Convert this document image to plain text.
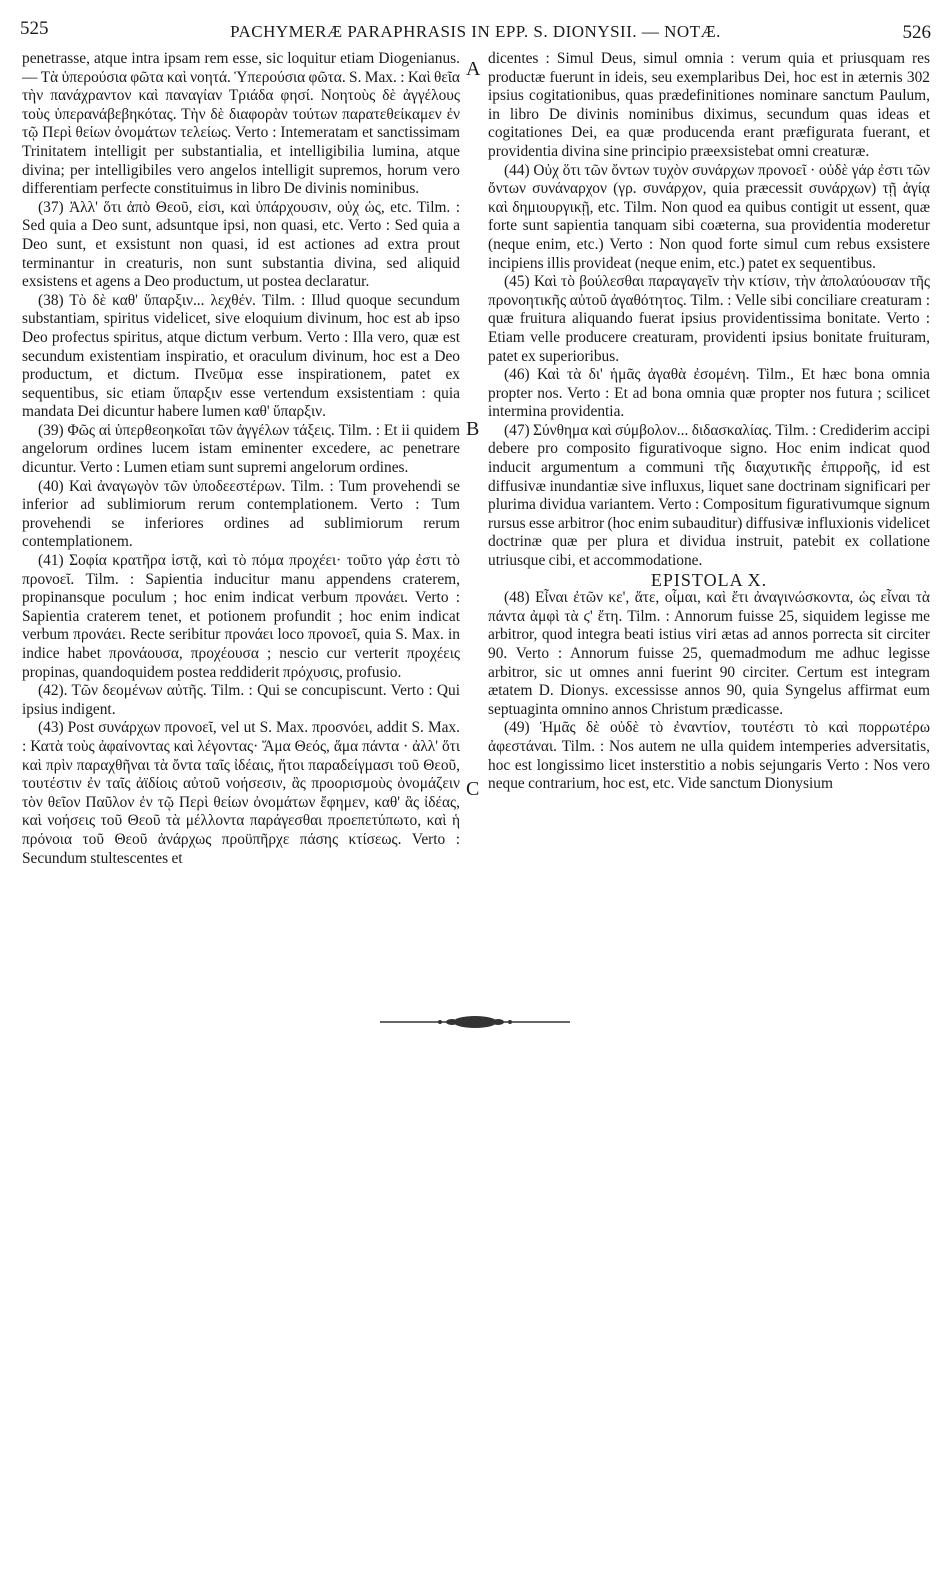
525	PACHYMERÆ PARAPHRASIS IN EPP. S. DIONYSII. — NOTÆ.	526

penetrasse, atque intra ipsam rem esse, sic loquitur etiam Diogenianus. — Τὰ ὑπερούσια φῶτα καὶ νοητά. Ὑπερούσια φῶτα. S. Max. : Καὶ θεῖα τὴν πανάχραντον καὶ παναγίαν Τριάδα φησί. Νοητοὺς δὲ ἀγγέλους τοὺς ὑπερανάβεβηκότας. Τὴν δὲ διαφορὰν τούτων παρατεθείκαμεν ἐν τῷ Περὶ θείων ὀνομάτων τελείως. Verto : Intemeratam et sanctissimam Trinitatem intelligit per substantialia, et intelligibilia lumina, atque divina; per intelligibiles vero angelos intelligit supremos, horum vero differentiam perfecte constituimus in libro De divinis nominibus.

(37) Ἀλλ' ὅτι ἀπὸ Θεοῦ, εἰσι, καὶ ὑπάρχουσιν, οὐχ ὡς, etc. Tilm. : Sed quia a Deo sunt, adsuntque ipsi, non quasi, etc. Verto : Sed quia a Deo sunt, et exsistunt non quasi, id est actiones ad extra prout terminantur in creaturis, non sunt substantia divina, sed aliquid exsistens et agens a Deo productum, ut postea declaratur.

(38) Τὸ δὲ καθ' ὕπαρξιν... λεχθέν. Tilm. : Illud quoque secundum substantiam, spiritus videlicet, sive eloquium divinum, hoc est ab ipso Deo profectus spiritus, atque dictum verbum. Verto : Illa vero, quæ est secundum existentiam inspiratio, et oraculum divinum, hoc est a Deo productum, et dictum. Πνεῦμα esse inspirationem, patet ex sequentibus, sic etiam ὕπαρξιν esse vertendum exsistentiam : quia mandata Dei dicuntur habere lumen καθ' ὕπαρξιν.

(39) Φῶς αἱ ὑπερθεοηκοῖαι τῶν ἀγγέλων τάξεις. Tilm. : Et ii quidem angelorum ordines lucem istam eminenter excedere, ac penetrare dicuntur. Verto : Lumen etiam sunt supremi angelorum ordines.

(40) Καὶ ἀναγωγὸν τῶν ὑποδεεστέρων. Tilm. : Tum provehendi se inferior ad sublimiorum rerum contemplationem. Verto : Tum provehendi se inferiores ordines ad sublimiorum rerum contemplationem.

(41) Σοφία κρατῆρα ἱστᾷ, καὶ τὸ πόμα προχέει· τοῦτο γάρ ἐστι τὸ προνοεῖ. Tilm. : Sapientia inducitur manu appendens craterem, propinansque poculum ; hoc enim indicat verbum προνάει. Verto : Sapientia craterem tenet, et potionem profundit ; hoc enim indicat verbum προνάει. Recte seribitur προνάει loco προνοεῖ, quia S. Max. in indice habet προνάουσα, προχέουσα ; nescio cur verterit προχέεις propinas, quandoquidem postea reddiderit πρόχυσις, profusio.

(42). Τῶν δεομένων αὐτῆς. Tilm. : Qui se concupiscunt. Verto : Qui ipsius indigent.

(43) Post συνάρχων προνοεῖ, vel ut S. Max. προσνόει, addit S. Max. : Κατὰ τοὺς ἀφαίνοντας καὶ λέγοντας· Ἅμα Θεός, ἅμα πάντα · ἀλλ' ὅτι καὶ πρὶν παραχθῆναι τὰ ὄντα ταῖς ἰδέαις, ἤτοι παραδείγμασι τοῦ Θεοῦ, τουτέστιν ἐν ταῖς ἀϊδίοις αὐτοῦ νοήσεσιν, ἃς προορισμοὺς ὀνομάζειν τὸν θεῖον Παῦλον ἐν τῷ Περὶ θείων ὀνομάτων ἔφημεν, καθ' ἃς ἰδέας, καὶ νοήσεις τοῦ Θεοῦ τὰ μέλλοντα παράγεσθαι προεπετύπωτο, καὶ ἡ πρόνοια τοῦ Θεοῦ ἀνάρχως προϋπῆρχε πάσης κτίσεως. Verto : Secundum stultescentes et

A
B
C

dicentes : Simul Deus, simul omnia : verum quia et priusquam res productæ fuerunt in ideis, seu exemplaribus Dei, hoc est in æternis 302 ipsius cogitationibus, quas prædefinitiones nominare sanctum Paulum, in libro De divinis nominibus diximus, secundum quas ideas et cogitationes Dei, ea quæ producenda erant præfigurata fuerant, et providentia divina sine principio præexsistebat omni creaturæ.

(44) Οὐχ ὅτι τῶν ὄντων τυχὸν συνάρχων προνοεῖ · οὐδὲ γάρ ἐστι τῶν ὄντων συνάναρχον (γρ. συνάρχον, quia præcessit συνάρχων) τῇ ἁγίᾳ καὶ δημιουργικῇ, etc. Tilm. Non quod ea quibus contigit ut essent, quæ forte sunt sapientia tanquam sibi coæterna, sua providentia moderetur (neque enim, etc.) Verto : Non quod forte simul cum rebus exsistere incipiens illis provideat (neque enim, etc.) patet ex sequentibus.

(45) Καὶ τὸ βούλεσθαι παραγαγεῖν τὴν κτίσιν, τὴν ἀπολαύουσαν τῆς προνοητικῆς αὐτοῦ ἀγαθότητος. Tilm. : Velle sibi conciliare creaturam : quæ fruitura aliquando fuerat ipsius providentissima bonitate. Verto : Etiam velle producere creaturam, providenti ipsius bonitate fruituram, patet ex superioribus.

(46) Καὶ τὰ δι' ἡμᾶς ἀγαθὰ ἐσομένη. Tilm., Et hæc bona omnia propter nos. Verto : Et ad bona omnia quæ propter nos futura ; scilicet intermina providentia.

(47) Σύνθημα καὶ σύμβολον... διδασκαλίας. Tilm. : Crediderim accipi debere pro composito figurativoque signo. Hoc enim indicat quod inducit argumentum a communi τῆς διαχυτικῆς ἐπιρροῆς, id est diffusivæ inundantiæ sive influxus, liquet sane doctrinam significari per plurima dividua variantem. Verto : Compositum figurativumque signum rursus esse arbitror (hoc enim subauditur) diffusivæ influxionis videlicet doctrinæ quæ per plura et dividua instruit, patebit ex collatione utriusque cibi, et accommodatione.

EPISTOLA X.

(48) Εἶναι ἐτῶν κε', ἅτε, οἶμαι, καὶ ἔτι ἀναγινώσκοντα, ὡς εἶναι τὰ πάντα ἀμφὶ τὰ ϛ' ἔτη. Tilm. : Annorum fuisse 25, siquidem legisse me arbitror, quod integra beati istius viri ætas ad annos porrecta sit circiter 90. Verto : Annorum fuisse 25, quemadmodum me adhuc legisse arbitror, sic ut omnes anni fuerint 90 circiter. Certum est integram ætatem D. Dionys. excessisse annos 90, quia Syngelus affirmat eum septuaginta omnino annos Christum prædicasse.

(49) Ἡμᾶς δὲ οὐδὲ τὸ ἐναντίον, τουτέστι τὸ καὶ πορρωτέρω ἀφεστάναι. Tilm. : Nos autem ne ulla quidem intemperies adversitatis, hoc est longissimo licet insterstitio a nobis sejungaris Verto : Nos vero neque contrarium, hoc est, etc. Vide sanctum Dionysium
